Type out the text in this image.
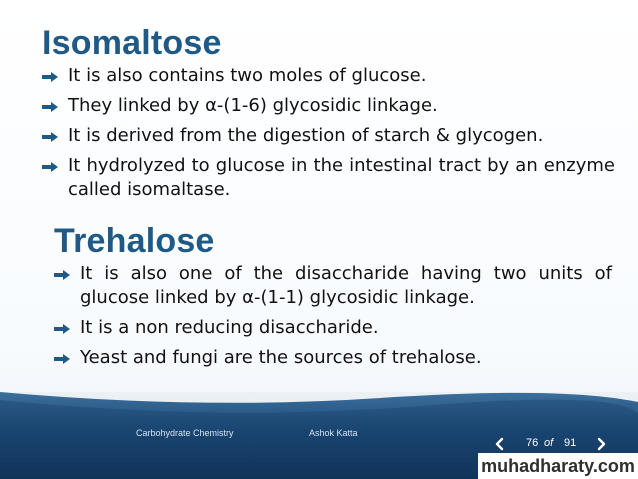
Isomaltose
It is also contains two moles of glucose.
They linked by α-(1-6) glycosidic linkage.
It is derived from the digestion of starch & glycogen.
It hydrolyzed to glucose in the intestinal tract by an enzyme called isomaltase.
Trehalose
It is also one of the disaccharide having two units of glucose linked by α-(1-1) glycosidic linkage.
It is a non reducing disaccharide.
Yeast and fungi are the sources of trehalose.
Carbohydrate Chemistry	Ashok Katta
76 of 91
muhadharaty.com
